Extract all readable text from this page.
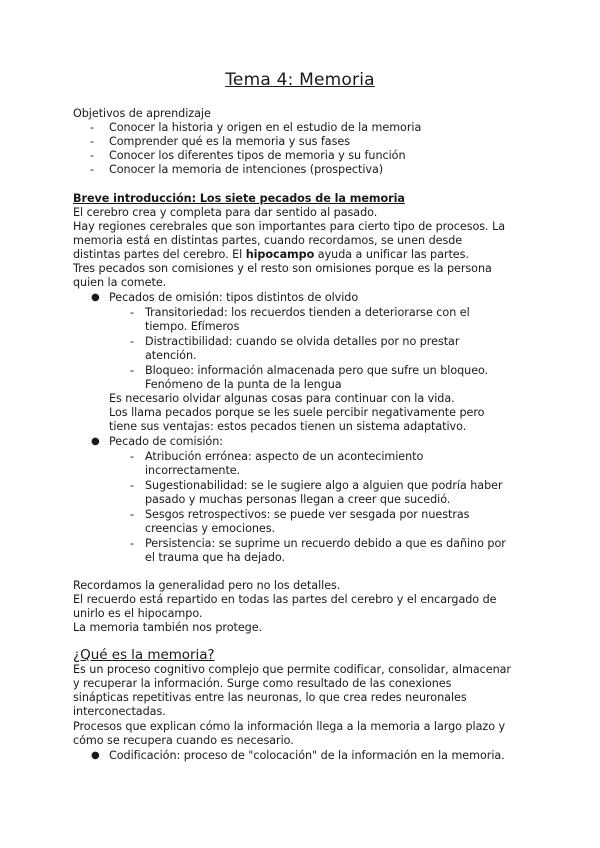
Tema 4: Memoria
Objetivos de aprendizaje
- Conocer la historia y origen en el estudio de la memoria
- Comprender qué es la memoria y sus fases
- Conocer los diferentes tipos de memoria y su función
- Conocer la memoria de intenciones (prospectiva)
Breve introducción: Los siete pecados de la memoria
El cerebro crea y completa para dar sentido al pasado.
Hay regiones cerebrales que son importantes para cierto tipo de procesos. La
memoria está en distintas partes, cuando recordamos, se unen desde
distintas partes del cerebro. El hipocampo ayuda a unificar las partes.
Tres pecados son comisiones y el resto son omisiones porque es la persona
quien la comete.
● Pecados de omisión: tipos distintos de olvido
- Transitoriedad: los recuerdos tienden a deteriorarse con el
tiempo. Efímeros
- Distractibilidad: cuando se olvida detalles por no prestar
atención.
- Bloqueo: información almacenada pero que sufre un bloqueo.
Fenómeno de la punta de la lengua
Es necesario olvidar algunas cosas para continuar con la vida.
Los llama pecados porque se les suele percibir negativamente pero
tiene sus ventajas: estos pecados tienen un sistema adaptativo.
● Pecado de comisión:
- Atribución errónea: aspecto de un acontecimiento
incorrectamente.
- Sugestionabilidad: se le sugiere algo a alguien que podría haber
pasado y muchas personas llegan a creer que sucedió.
- Sesgos retrospectivos: se puede ver sesgada por nuestras
creencias y emociones.
- Persistencia: se suprime un recuerdo debido a que es dañino por
el trauma que ha dejado.
Recordamos la generalidad pero no los detalles.
El recuerdo está repartido en todas las partes del cerebro y el encargado de
unirlo es el hipocampo.
La memoria también nos protege.
¿Qué es la memoria?
Es un proceso cognitivo complejo que permite codificar, consolidar, almacenar
y recuperar la información. Surge como resultado de las conexiones
sinápticas repetitivas entre las neuronas, lo que crea redes neuronales
interconectadas.
Procesos que explican cómo la información llega a la memoria a largo plazo y
cómo se recupera cuando es necesario.
● Codificación: proceso de "colocación" de la información en la memoria.
